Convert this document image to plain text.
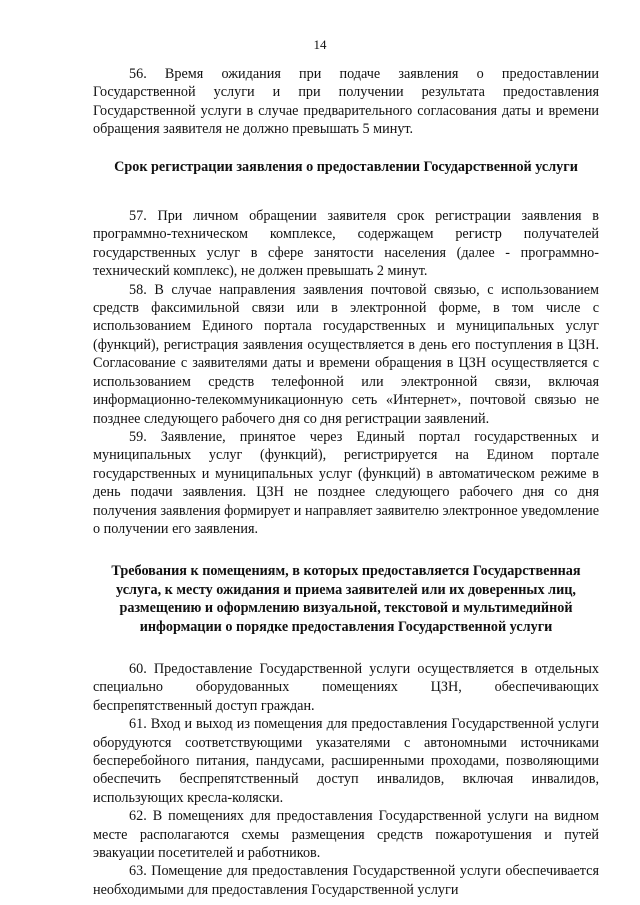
14

56. Время ожидания при подаче заявления о предоставлении Государственной услуги и при получении результата предоставления Государственной услуги в случае предварительного согласования даты и времени обращения заявителя не должно превышать 5 минут.

Срок регистрации заявления о предоставлении Государственной услуги

57. При личном обращении заявителя срок регистрации заявления в программно-техническом комплексе, содержащем регистр получателей государственных услуг в сфере занятости населения (далее - программно-технический комплекс), не должен превышать 2 минут.

58. В случае направления заявления почтовой связью, с использованием средств факсимильной связи или в электронной форме, в том числе с использованием Единого портала государственных и муниципальных услуг (функций), регистрация заявления осуществляется в день его поступления в ЦЗН. Согласование с заявителями даты и времени обращения в ЦЗН осуществляется с использованием средств телефонной или электронной связи, включая информационно-телекоммуникационную сеть «Интернет», почтовой связью не позднее следующего рабочего дня со дня регистрации заявлений.

59. Заявление, принятое через Единый портал государственных и муниципальных услуг (функций), регистрируется на Едином портале государственных и муниципальных услуг (функций) в автоматическом режиме в день подачи заявления. ЦЗН не позднее следующего рабочего дня со дня получения заявления формирует и направляет заявителю электронное уведомление о получении его заявления.

Требования к помещениям, в которых предоставляется Государственная услуга, к месту ожидания и приема заявителей или их доверенных лиц, размещению и оформлению визуальной, текстовой и мультимедийной информации о порядке предоставления Государственной услуги

60. Предоставление Государственной услуги осуществляется в отдельных специально оборудованных помещениях ЦЗН, обеспечивающих беспрепятственный доступ граждан.

61. Вход и выход из помещения для предоставления Государственной услуги оборудуются соответствующими указателями с автономными источниками бесперебойного питания, пандусами, расширенными проходами, позволяющими обеспечить беспрепятственный доступ инвалидов, включая инвалидов, использующих кресла-коляски.

62. В помещениях для предоставления Государственной услуги на видном месте располагаются схемы размещения средств пожаротушения и путей эвакуации посетителей и работников.

63. Помещение для предоставления Государственной услуги обеспечивается необходимыми для предоставления Государственной услуги
